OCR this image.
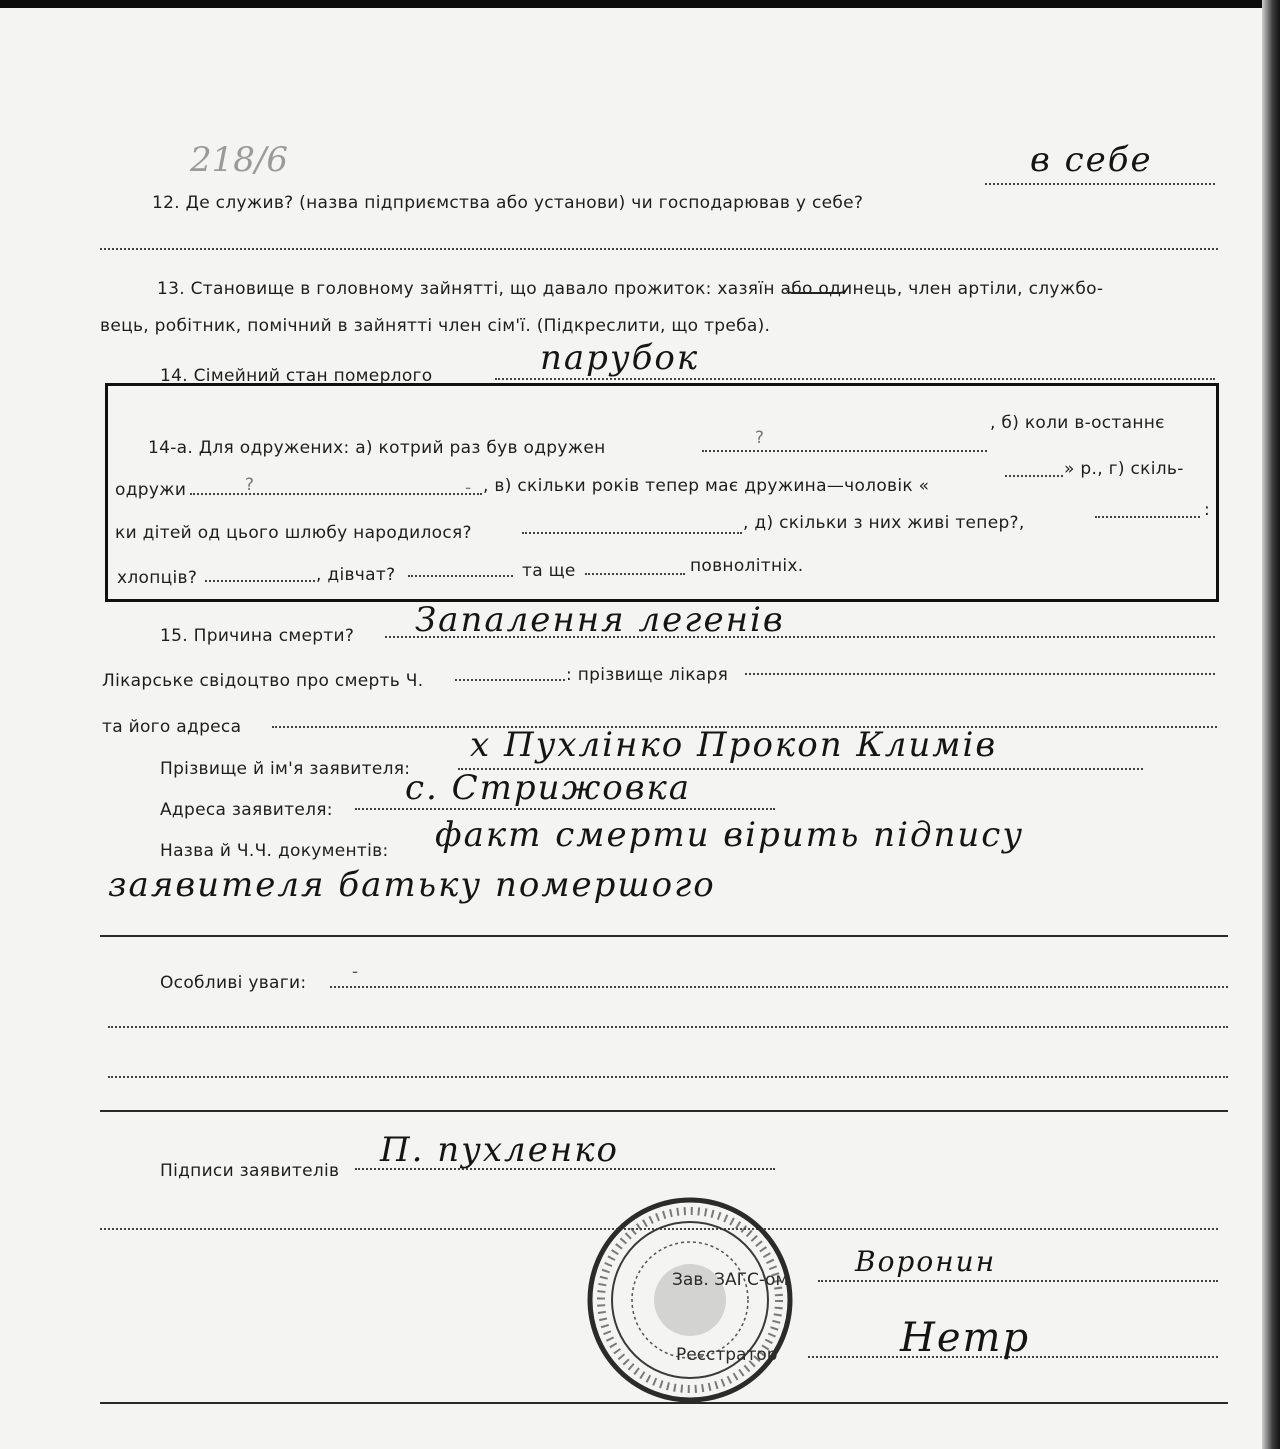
218/6
12. Де служив? (назва підприємства або установи) чи господарював у себе?
в себе
13. Становище в головному зайнятті, що давало прожиток: хазяїн або одинець, член артіли, службо-
вець, робітник, помічний в зайнятті член сім'ї. (Підкреслити, що треба).
14. Сімейний стан померлого	парубок
14-а. Для одружених: а) котрий раз був одружен	?
, б) коли в-останнє
одружи	?	- , в) скільки років тепер має дружина—чоловік «
» р., г) скіль-
ки дітей од цього шлюбу народилося?	, д) скільки з них живі тепер?,
:
хлопців?	, дівчат?	та ще	повнолітніх.
15. Причина смерти? Запалення легенів
Лікарське свідоцтво про смерть Ч.	: прізвище лікаря
та його адреса
Прізвище й ім'я заявителя:
х Пухлінко Прокоп Климів
Адреса заявителя:
с. Стрижовка
Назва й Ч.Ч. документів: факт смерти вірить підпису
заявителя батьку помершого
Особливі уваги:
-
Підписи заявителів
П. пухленко
Зав. ЗАГС-ом
Воронин
Реєстратор	Нетр
